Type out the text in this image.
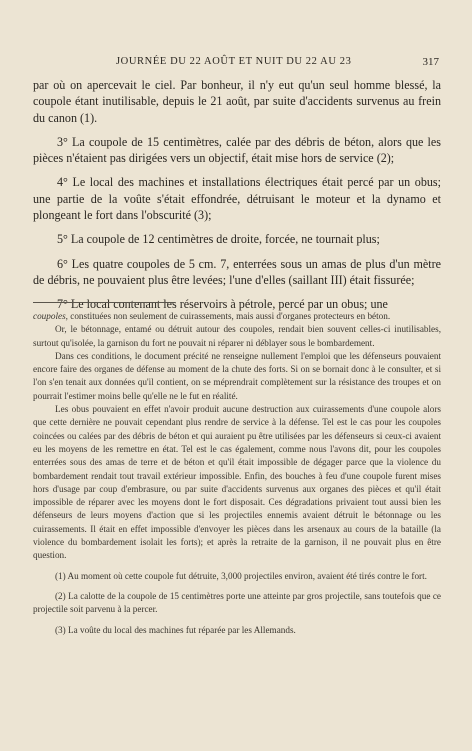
JOURNÉE DU 22 AOÛT ET NUIT DU 22 AU 23	317

par où on apercevait le ciel. Par bonheur, il n'y eut qu'un seul homme blessé, la coupole étant inutilisable, depuis le 21 août, par suite d'accidents survenus au frein du canon (1).

3° La coupole de 15 centimètres, calée par des débris de béton, alors que les pièces n'étaient pas dirigées vers un objectif, était mise hors de service (2);

4° Le local des machines et installations électriques était percé par un obus; une partie de la voûte s'était effondrée, détruisant le moteur et la dynamo et plongeant le fort dans l'obscurité (3);

5° La coupole de 12 centimètres de droite, forcée, ne tournait plus;

6° Les quatre coupoles de 5 cm. 7, enterrées sous un amas de plus d'un mètre de débris, ne pouvaient plus être levées; l'une d'elles (saillant III) était fissurée;

7° Le local contenant les réservoirs à pétrole, percé par un obus; une

coupoles, constituées non seulement de cuirassements, mais aussi d'organes protecteurs en béton.

Or, le bétonnage, entamé ou détruit autour des coupoles, rendait bien souvent celles-ci inutilisables, surtout qu'isolée, la garnison du fort ne pouvait ni réparer ni déblayer sous le bombardement.

Dans ces conditions, le document précité ne renseigne nullement l'emploi que les défenseurs pouvaient encore faire des organes de défense au moment de la chute des forts. Si on se bornait donc à le consulter, et si l'on s'en tenait aux données qu'il contient, on se méprendrait complètement sur la résistance des troupes et on pourrait l'estimer moins belle qu'elle ne le fut en réalité.

Les obus pouvaient en effet n'avoir produit aucune destruction aux cuirassements d'une coupole alors que cette dernière ne pouvait cependant plus rendre de service à la défense. Tel est le cas pour les coupoles coincées ou calées par des débris de béton et qui auraient pu être utilisées par les défenseurs si ceux-ci avaient eu les moyens de les remettre en état. Tel est le cas également, comme nous l'avons dit, pour les coupoles enterrées sous des amas de terre et de béton et qu'il était impossible de dégager parce que la violence du bombardement rendait tout travail extérieur impossible. Enfin, des bouches à feu d'une coupole furent mises hors d'usage par coup d'embrasure, ou par suite d'accidents survenus aux organes des pièces et qu'il était impossible de réparer avec les moyens dont le fort disposait. Ces dégradations privaient tout aussi bien les défenseurs de leurs moyens d'action que si les projectiles ennemis avaient détruit le bétonnage ou les cuirassements. Il était en effet impossible d'envoyer les pièces dans les arsenaux au cours de la bataille (la violence du bombardement isolait les forts); et après la retraite de la garnison, il ne pouvait plus en être question.

(1) Au moment où cette coupole fut détruite, 3,000 projectiles environ, avaient été tirés contre le fort.

(2) La calotte de la coupole de 15 centimètres porte une atteinte par gros projectile, sans toutefois que ce projectile soit parvenu à la percer.

(3) La voûte du local des machines fut réparée par les Allemands.
